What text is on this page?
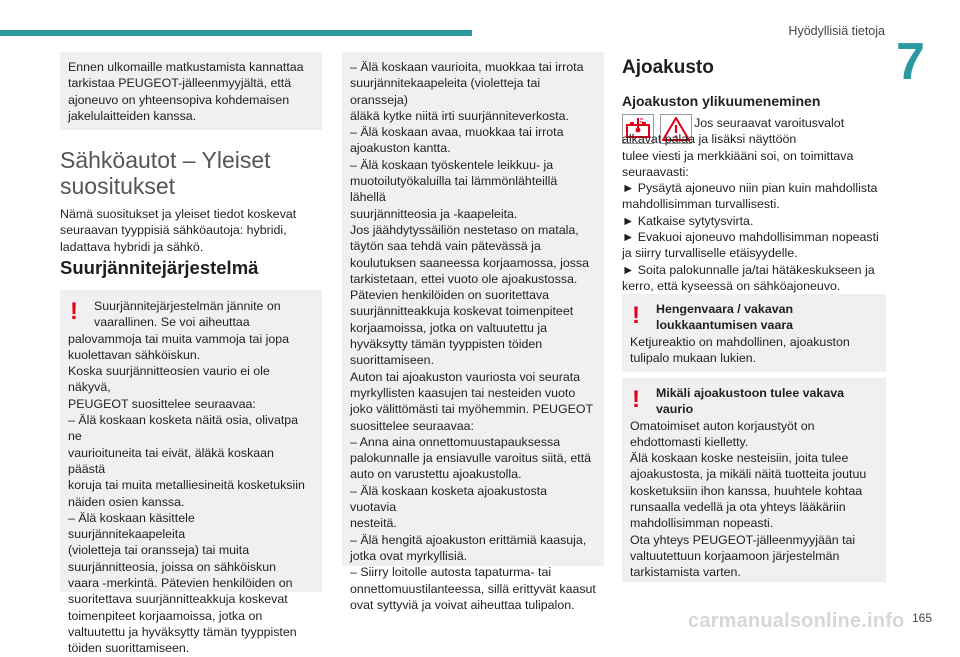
Hyödyllisiä tietoja
7

Ennen ulkomaille matkustamista kannattaa
tarkistaa PEUGEOT-jälleenmyyjältä, että
ajoneuvo on yhteensopiva kohdemaisen
jakelulaitteiden kanssa.

Sähköautot – Yleiset suositukset

Nämä suositukset ja yleiset tiedot koskevat
seuraavan tyyppisiä sähköautoja: hybridi,
ladattava hybridi ja sähkö.

Suurjännitejärjestelmä
!	Suurjännitejärjestelmän jännite on
vaarallinen. Se voi aiheuttaa

palovammoja tai muita vammoja tai jopa
kuolettavan sähköiskun.
Koska suurjännitteosien vaurio ei ole näkyvä,
PEUGEOT suosittelee seuraavaa:
– Älä koskaan kosketa näitä osia, olivatpa ne
vaurioituneita tai eivät, äläkä koskaan päästä
koruja tai muita metalliesineitä kosketuksiin
näiden osien kanssa.
– Älä koskaan käsittele suurjännitekaapeleita
(violetteja tai oransseja) tai muita
suurjännitteosia, joissa on sähköiskun
vaara -merkintä. Pätevien henkilöiden on
suoritettava suurjännitteakkuja koskevat
toimenpiteet korjaamoissa, jotka on
valtuutettu ja hyväksytty tämän tyyppisten
töiden suorittamiseen.

– Älä koskaan vaurioita, muokkaa tai irrota
suurjännitekaapeleita (violetteja tai oransseja)
äläkä kytke niitä irti suurjänniteverkosta.
– Älä koskaan avaa, muokkaa tai irrota
ajoakuston kantta.
– Älä koskaan työskentele leikkuu- ja
muotoilutyökaluilla tai lämmönlähteillä lähellä
suurjännitteosia ja -kaapeleita.
Jos jäähdytyssäiliön nestetaso on matala,
täytön saa tehdä vain pätevässä ja
koulutuksen saaneessa korjaamossa, jossa
tarkistetaan, ettei vuoto ole ajoakustossa.
Pätevien henkilöiden on suoritettava
suurjännitteakkuja koskevat toimenpiteet
korjaamoissa, jotka on valtuutettu ja
hyväksytty tämän tyyppisten töiden
suorittamiseen.
Auton tai ajoakuston vauriosta voi seurata
myrkyllisten kaasujen tai nesteiden vuoto
joko välittömästi tai myöhemmin. PEUGEOT
suosittelee seuraavaa:
– Anna aina onnettomuustapauksessa
palokunnalle ja ensiavulle varoitus siitä, että
auto on varustettu ajoakustolla.
– Älä koskaan kosketa ajoakustosta vuotavia
nesteitä.
– Älä hengitä ajoakuston erittämiä kaasuja,
jotka ovat myrkyllisiä.
– Siirry loitolle autosta tapaturma- tai
onnettomuustilanteessa, sillä erittyvät kaasut
ovat syttyviä ja voivat aiheuttaa tulipalon.

Ajoakusto
Ajoakuston ylikuumeneminen

Jos seuraavat varoitusvalot
alkavat palaa ja lisäksi näyttöön
tulee viesti ja merkkiääni soi, on toimittava
seuraavasti:
► Pysäytä ajoneuvo niin pian kuin mahdollista
mahdollisimman turvallisesti.
► Katkaise sytytysvirta.
► Evakuoi ajoneuvo mahdollisimman nopeasti
ja siirry turvalliselle etäisyydelle.
► Soita palokunnalle ja/tai hätäkeskukseen ja
kerro, että kyseessä on sähköajoneuvo.

!	Hengenvaara / vakavan
loukkaantumisen vaara

Ketjureaktio on mahdollinen, ajoakuston
tulipalo mukaan lukien.

!	Mikäli ajoakustoon tulee vakava
vaurio

Omatoimiset auton korjaustyöt on
ehdottomasti kielletty.
Älä koskaan koske nesteisiin, joita tulee
ajoakustosta, ja mikäli näitä tuotteita joutuu
kosketuksiin ihon kanssa, huuhtele kohtaa
runsaalla vedellä ja ota yhteys lääkäriin
mahdollisimman nopeasti.
Ota yhteys PEUGEOT-jälleenmyyjään tai
valtuutettuun korjaamoon järjestelmän
tarkistamista varten.

carmanualsonline.info 165
